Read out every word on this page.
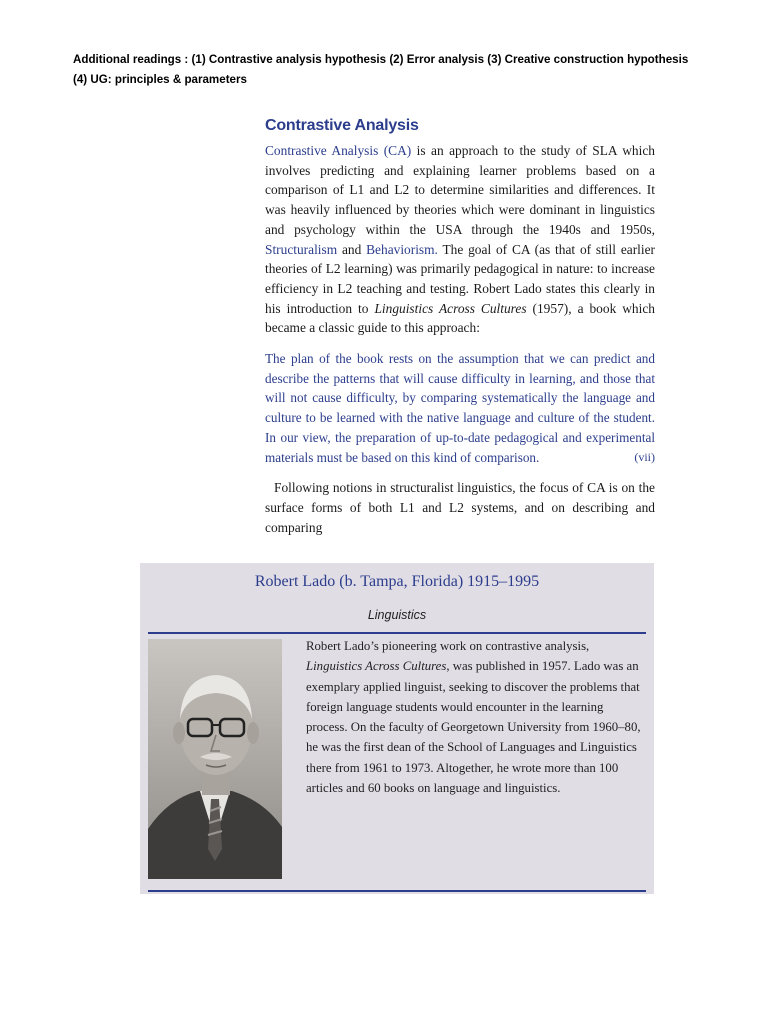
Additional readings : (1) Contrastive analysis hypothesis (2) Error analysis (3) Creative construction hypothesis
(4) UG: principles & parameters
Contrastive Analysis

Contrastive Analysis (CA) is an approach to the study of SLA which involves predicting and explaining learner problems based on a comparison of L1 and L2 to determine similarities and differences. It was heavily influenced by theories which were dominant in linguistics and psychology within the USA through the 1940s and 1950s, Structuralism and Behaviorism. The goal of CA (as that of still earlier theories of L2 learning) was primarily pedagogical in nature: to increase efficiency in L2 teaching and testing. Robert Lado states this clearly in his introduction to Linguistics Across Cultures (1957), a book which became a classic guide to this approach:

The plan of the book rests on the assumption that we can predict and describe the patterns that will cause difficulty in learning, and those that will not cause difficulty, by comparing systematically the language and culture to be learned with the native language and culture of the student. In our view, the preparation of up-to-date pedagogical and experimental materials must be based on this kind of comparison.	(vii)

Following notions in structuralist linguistics, the focus of CA is on the surface forms of both L1 and L2 systems, and on describing and comparing

Robert Lado (b. Tampa, Florida) 1915–1995
Linguistics
Robert Lado’s pioneering work on contrastive analysis, Linguistics Across Cultures, was published in 1957. Lado was an exemplary applied linguist, seeking to discover the problems that foreign language students would encounter in the learning process. On the faculty of Georgetown University from 1960–80, he was the first dean of the School of Languages and Linguistics there from 1961 to 1973. Altogether, he wrote more than 100 articles and 60 books on language and linguistics.
